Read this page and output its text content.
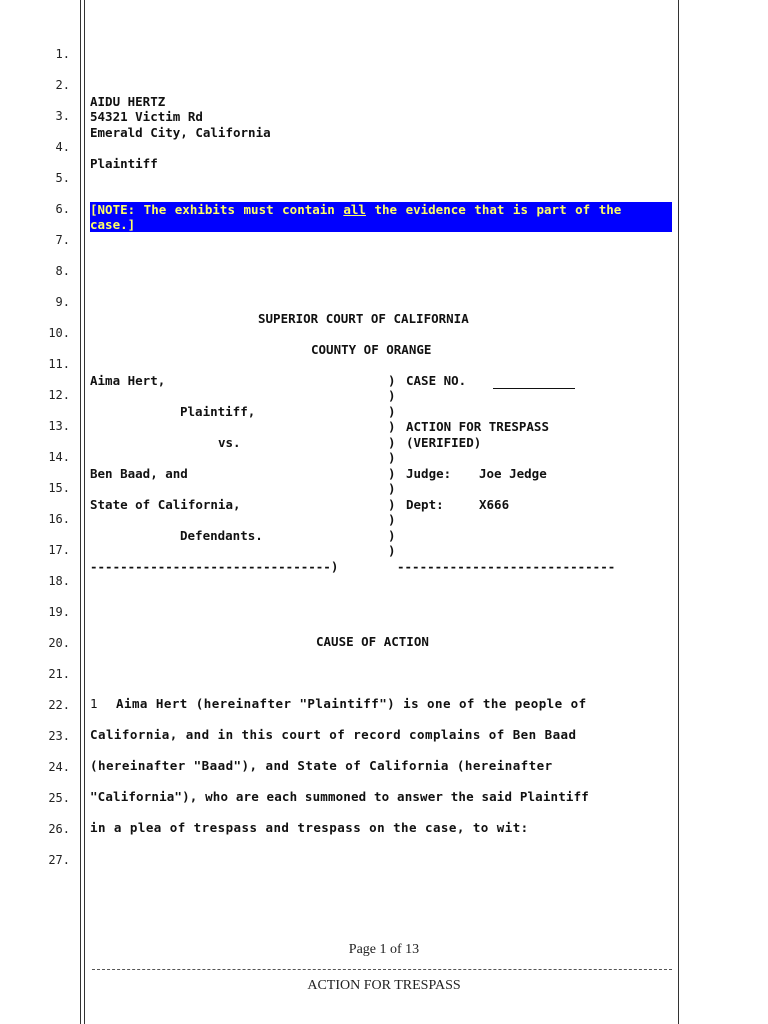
1.
2.
3.
4.
5.
6.
7.
8.
9.
10.
11.
12.
13.
14.
15.
16.
17.
18.
19.
20.
21.
22.
23.
24.
25.
26.
27.
AIDU HERTZ
54321 Victim Rd
Emerald City, California
Plaintiff
[NOTE: The exhibits must contain all the evidence that is part of the case.]
SUPERIOR COURT OF CALIFORNIA
COUNTY OF ORANGE
Aima Hert,
Plaintiff,
vs.
Ben Baad, and
State of California,
Defendants.
)
)
)
)
)
)
)
)
)
)
)
)
CASE NO.
ACTION FOR TRESPASS
(VERIFIED)
Judge: Joe Jedge
Dept:	X666
--------------------------------)	-----------------------------
CAUSE OF ACTION
1 Aima Hert (hereinafter "Plaintiff") is one of the people of
California, and in this court of record complains of Ben Baad
(hereinafter "Baad"), and State of California (hereinafter
"California"), who are each summoned to answer the said Plaintiff
in a plea of trespass and trespass on the case, to wit:
Page 1 of 13
ACTION FOR TRESPASS
